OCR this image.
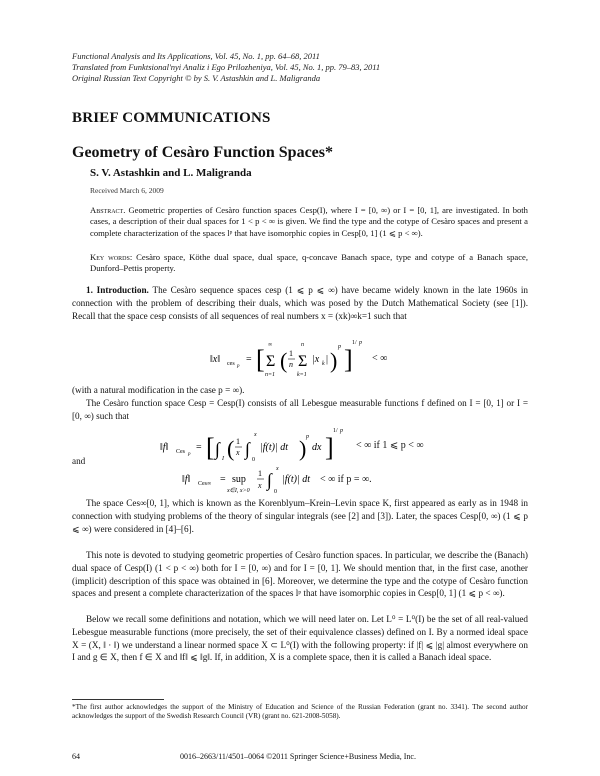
Functional Analysis and Its Applications, Vol. 45, No. 1, pp. 64–68, 2011
Translated from Funktsional'nyi Analiz i Ego Prilozheniya, Vol. 45, No. 1, pp. 79–83, 2011
Original Russian Text Copyright © by S. V. Astashkin and L. Maligranda
BRIEF COMMUNICATIONS
Geometry of Cesàro Function Spaces*
S. V. Astashkin and L. Maligranda
Received March 6, 2009
Abstract. Geometric properties of Cesàro function spaces Cesp(I), where I = [0, ∞) or I = [0, 1], are investigated. In both cases, a description of their dual spaces for 1 < p < ∞ is given. We find the type and the cotype of Cesàro spaces and present a complete characterization of the spaces lᵖ that have isomorphic copies in Cesp[0, 1] (1 ⩽ p < ∞).
Key words: Cesàro space, Köthe dual space, dual space, q-concave Banach space, type and cotype of a Banach space, Dunford–Pettis property.

1. Introduction. The Cesàro sequence spaces cesp (1 ⩽ p ⩽ ∞) have became widely known in the late 1960s in connection with the problem of describing their duals, which was posed by the Dutch Mathematical Society (see [1]). Recall that the space cesp consists of all sequences of real numbers x = (xk)∞k=1 such that

‖x‖ ces p
= [ Σ
∞
n=1
( 1
n Σ
n
k=1
|x k | )
p ]
1/ p
< ∞

(with a natural modification in the case p = ∞).

The Cesàro function space Cesp = Cesp(I) consists of all Lebesgue measurable functions f defined on I = [0, 1] or I = [0, ∞) such that

‖f‖ Ces p
= [ ∫ I ( 1
x ∫
x
0
|f(t)| dt ) p
dx ]
1/ p
< ∞ if 1 ⩽ p < ∞

and

‖f‖ Ces∞ = sup
x∈I, x>0
1
x ∫
x
0
|f(t)| dt < ∞ if p = ∞.

The space Ces∞[0, 1], which is known as the Korenblyum–Krein–Levin space K, first appeared as early as in 1948 in connection with studying problems of the theory of singular integrals (see [2] and [3]). Later, the spaces Cesp[0, ∞) (1 ⩽ p ⩽ ∞) were considered in [4]–[6].

This note is devoted to studying geometric properties of Cesàro function spaces. In particular, we describe the (Banach) dual space of Cesp(I) (1 < p < ∞) both for I = [0, ∞) and for I = [0, 1]. We should mention that, in the first case, another (implicit) description of this space was obtained in [6]. Moreover, we determine the type and the cotype of Cesàro function spaces and present a complete characterization of the spaces lᵖ that have isomorphic copies in Cesp[0, 1] (1 ⩽ p < ∞).

Below we recall some definitions and notation, which we will need later on. Let L⁰ = L⁰(I) be the set of all real-valued Lebesgue measurable functions (more precisely, the set of their equivalence classes) defined on I. By a normed ideal space X = (X, ‖ · ‖) we understand a linear normed space X ⊂ L⁰(I) with the following property: if |f| ⩽ |g| almost everywhere on I and g ∈ X, then f ∈ X and ‖f‖ ⩽ ‖g‖. If, in addition, X is a complete space, then it is called a Banach ideal space.

*The first author acknowledges the support of the Ministry of Education and Science of the Russian Federation (grant no. 3341). The second author acknowledges the support of the Swedish Research Council (VR) (grant no. 621-2008-5058).
64	0016–2663/11/4501–0064 ©2011 Springer Science+Business Media, Inc.
